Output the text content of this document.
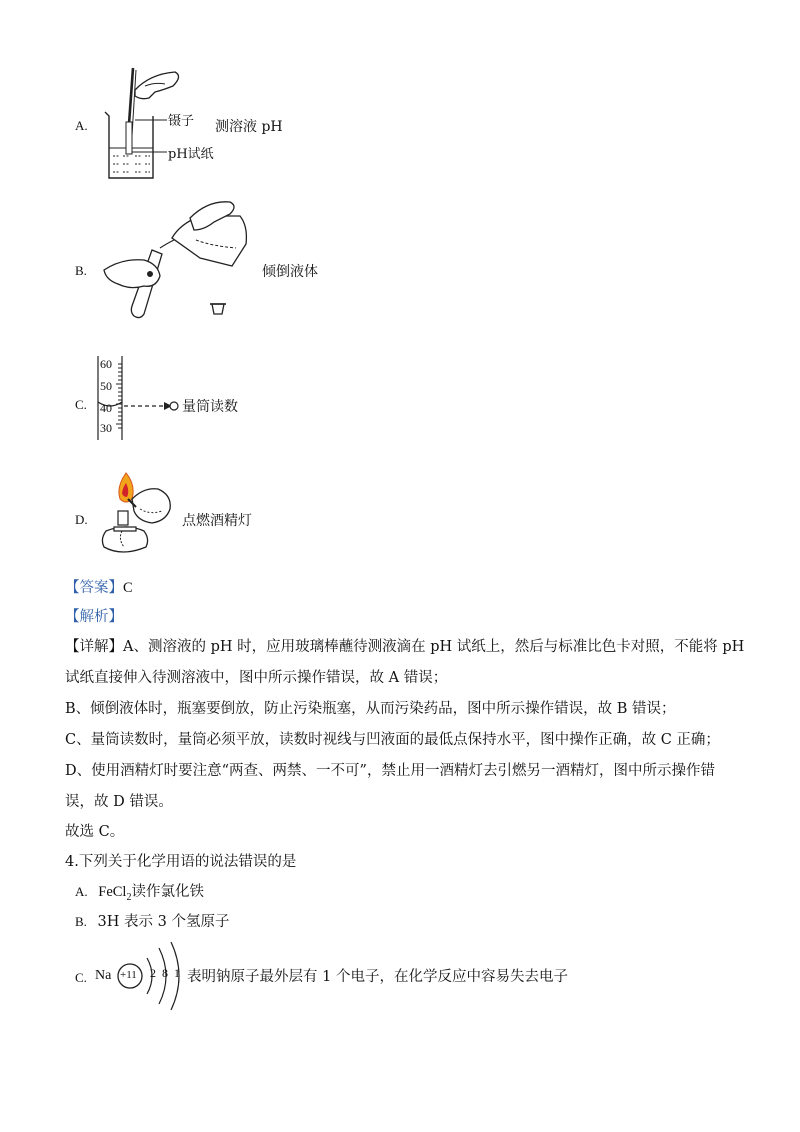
A.	镊子
pH试纸
测溶液 pH
B.	倾倒液体
C.
60
50
40
30
量筒读数
D.	点燃酒精灯
【答案】C
【解析】
【详解】A、测溶液的 pH 时，应用玻璃棒蘸待测液滴在 pH 试纸上，然后与标准比色卡对照，不能将 pH
试纸直接伸入待测溶液中，图中所示操作错误，故 A 错误；
B、倾倒液体时，瓶塞要倒放，防止污染瓶塞，从而污染药品，图中所示操作错误，故 B 错误；
C、量筒读数时，量筒必须平放，读数时视线与凹液面的最低点保持水平，图中操作正确，故 C 正确；
D、使用酒精灯时要注意“两查、两禁、一不可”，禁止用一酒精灯去引燃另一酒精灯，图中所示操作错
误，故 D 错误。
故选 C。
4.下列关于化学用语的说法错误的是
A. FeCl$_2$读作氯化铁
B. 3H 表示 3 个氢原子
C. Na +11 2 8 1 表明钠原子最外层有 1 个电子，在化学反应中容易失去电子
